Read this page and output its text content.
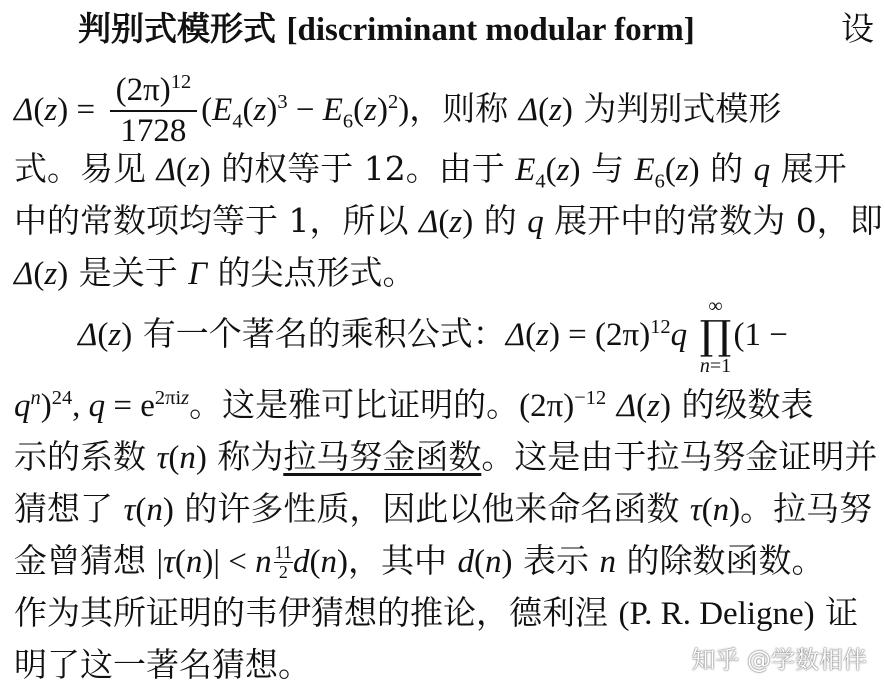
判别式模形式 [discriminant modular form]	设
$\Delta(z) = \frac{(2\pi)^{12}}{1728} (E_4(z)^3 - E_6(z)^2)$，则称 Δ(z) 为判别式模形
式。易见 Δ(z) 的权等于 12。由于 $E_4(z)$ 与 $E_6(z)$ 的 q 展开
中的常数项均等于 1，所以 Δ(z) 的 q 展开中的常数为 0，即
Δ(z) 是关于 Γ 的尖点形式。
Δ(z) 有一个著名的乘积公式：$\Delta(z) = (2\pi)^{12}q$
∞
∏
n=1
(1 −
$q^n)^{24}$, $q = e^{2\pi iz}$。这是雅可比证明的。$(2\pi)^{-12}$ Δ(z) 的级数表
示的系数 τ(n) 称为拉马努金函数。这是由于拉马努金证明并
猜想了 τ(n) 的许多性质，因此以他来命名函数 τ(n)。拉马努
金曾猜想 |τ(n)| < n $\frac{11}{2} d(n)$，其中 d(n) 表示 n 的除数函数。
作为其所证明的韦伊猜想的推论，德利涅 (P. R. Deligne) 证
明了这一著名猜想。	知乎 @学数相伴
